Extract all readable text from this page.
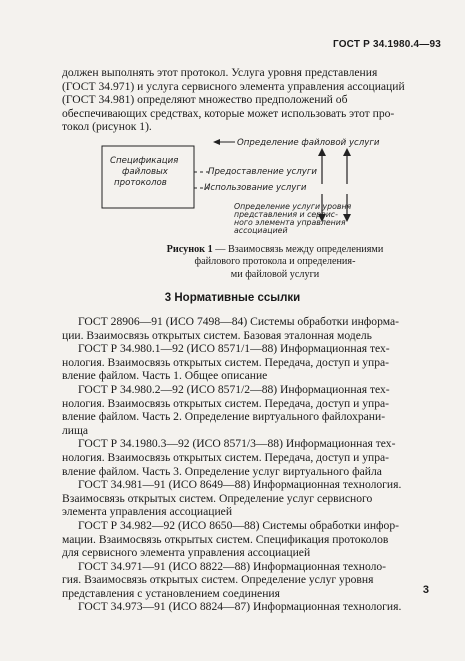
ГОСТ Р 34.1980.4—93
должен выполнять этот протокол. Услуга уровня представления
(ГОСТ 34.971) и услуга сервисного элемента управления ассоциаций
(ГОСТ 34.981) определяют множество предположений об
обеспечивающих средствах, которые может использовать этот про-
токол (рисунок 1).
Спецификация
файловых
протоколов
Определение файловой услуги
Предоставление услуги
Использование услуги
Определение услуги уровня
представления и сервис-
ного элемента управления
ассоциацией
Рисунок 1 — Взаимосвязь между определениями
файлового протокола и определения-
ми файловой услуги
3 Нормативные ссылки
ГОСТ 28906—91 (ИСО 7498—84) Системы обработки информа-
ции. Взаимосвязь открытых систем. Базовая эталонная модель
ГОСТ Р 34.980.1—92 (ИСО 8571/1—88) Информационная тех-
нология. Взаимосвязь открытых систем. Передача, доступ и упра-
вление файлом. Часть 1. Общее описание
ГОСТ Р 34.980.2—92 (ИСО 8571/2—88) Информационная тех-
нология. Взаимосвязь открытых систем. Передача, доступ и упра-
вление файлом. Часть 2. Определение виртуального файлохрани-
лища
ГОСТ Р 34.1980.3—92 (ИСО 8571/3—88) Информационная тех-
нология. Взаимосвязь открытых систем. Передача, доступ и упра-
вление файлом. Часть 3. Определение услуг виртуального файла
ГОСТ 34.981—91 (ИСО 8649—88) Информационная технология.
Взаимосвязь открытых систем. Определение услуг сервисного
элемента управления ассоциацией
ГОСТ Р 34.982—92 (ИСО 8650—88) Системы обработки инфор-
мации. Взаимосвязь открытых систем. Спецификация протоколов
для сервисного элемента управления ассоциацией
ГОСТ 34.971—91 (ИСО 8822—88) Информационная техноло-
гия. Взаимосвязь открытых систем. Определение услуг уровня
представления с установлением соединения
ГОСТ 34.973—91 (ИСО 8824—87) Информационная технология.
3
